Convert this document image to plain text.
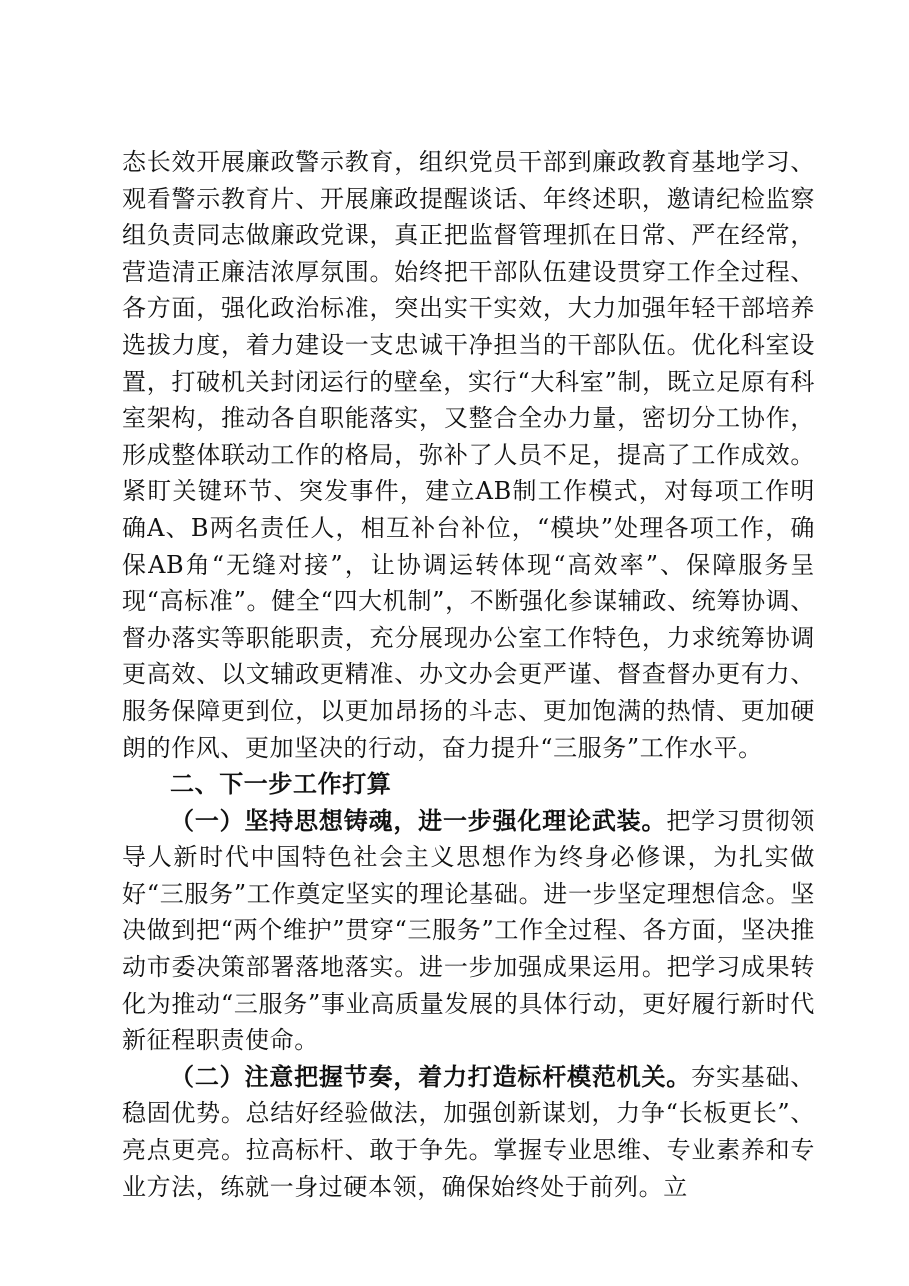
态长效开展廉政警示教育，组织党员干部到廉政教育基地学习、观看警示教育片、开展廉政提醒谈话、年终述职，邀请纪检监察组负责同志做廉政党课，真正把监督管理抓在日常、严在经常，营造清正廉洁浓厚氛围。始终把干部队伍建设贯穿工作全过程、各方面，强化政治标准，突出实干实效，大力加强年轻干部培养选拔力度，着力建设一支忠诚干净担当的干部队伍。优化科室设置，打破机关封闭运行的壁垒，实行“大科室”制，既立足原有科室架构，推动各自职能落实，又整合全办力量，密切分工协作，形成整体联动工作的格局，弥补了人员不足，提高了工作成效。紧盯关键环节、突发事件，建立AB制工作模式，对每项工作明确A、B两名责任人，相互补台补位，“模块”处理各项工作，确保AB角“无缝对接”，让协调运转体现“高效率”、保障服务呈现“高标准”。健全“四大机制”，不断强化参谋辅政、统筹协调、督办落实等职能职责，充分展现办公室工作特色，力求统筹协调更高效、以文辅政更精准、办文办会更严谨、督查督办更有力、服务保障更到位，以更加昂扬的斗志、更加饱满的热情、更加硬朗的作风、更加坚决的行动，奋力提升“三服务”工作水平。

二、下一步工作打算

（一）坚持思想铸魂，进一步强化理论武装。把学习贯彻领导人新时代中国特色社会主义思想作为终身必修课，为扎实做好“三服务”工作奠定坚实的理论基础。进一步坚定理想信念。坚决做到把“两个维护”贯穿“三服务”工作全过程、各方面，坚决推动市委决策部署落地落实。进一步加强成果运用。把学习成果转化为推动“三服务”事业高质量发展的具体行动，更好履行新时代新征程职责使命。

（二）注意把握节奏，着力打造标杆模范机关。夯实基础、稳固优势。总结好经验做法，加强创新谋划，力争“长板更长”、亮点更亮。拉高标杆、敢于争先。掌握专业思维、专业素养和专业方法，练就一身过硬本领，确保始终处于前列。立
